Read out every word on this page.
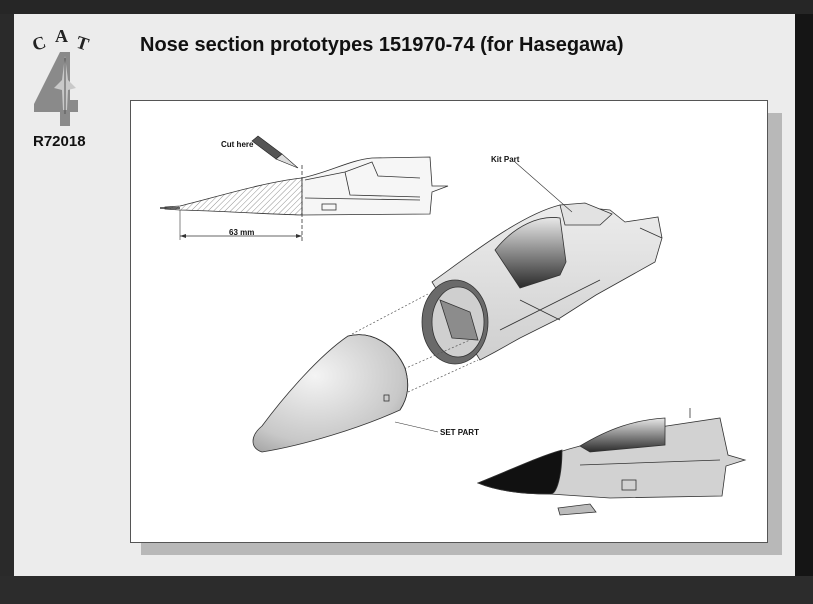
C A T
R72018
Nose section prototypes 151970-74 (for Hasegawa)
Cut here
63 mm
Kit Part
SET PART
